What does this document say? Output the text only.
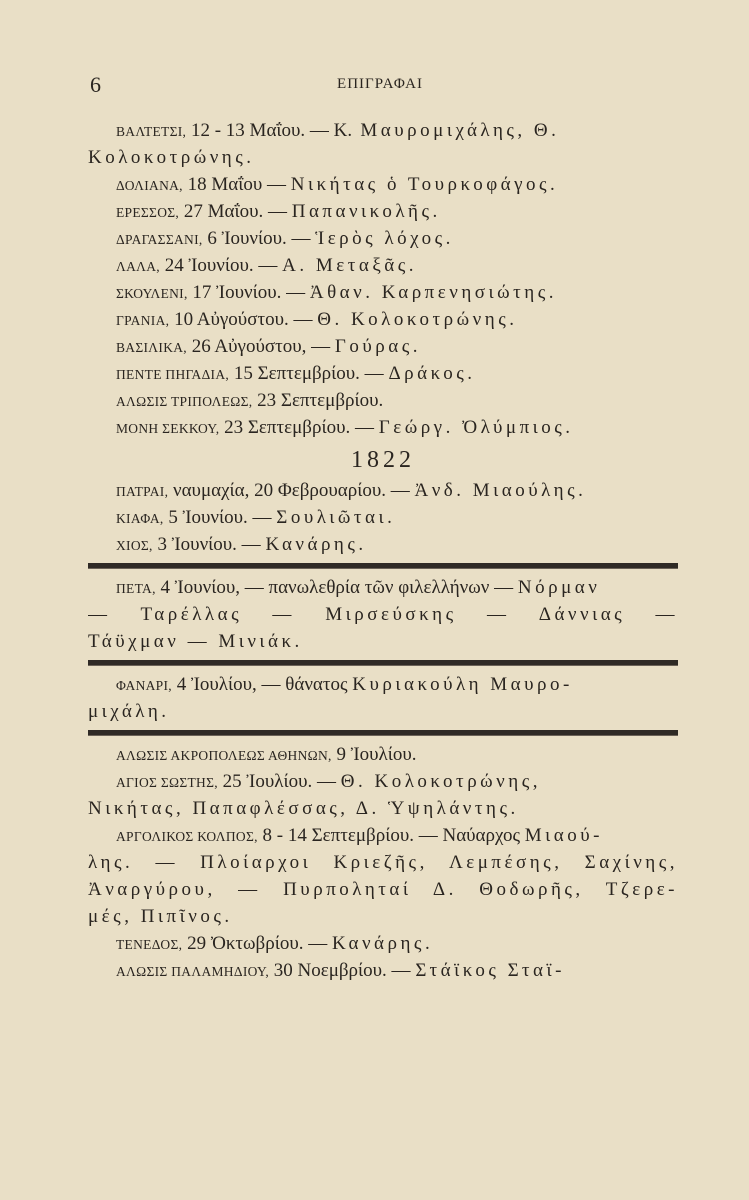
6	ΕΠΙΓΡΑΦΑΙ
ΒΑΛΤΕΤΣΙ, 12 - 13 Μαΐου. — Κ. Μαυρομιχάλης, Θ.
Κολοκοτρώνης.
ΔΟΛΙΑΝΑ, 18 Μαΐου — Νικήτας ὁ Τουρκοφάγος.
ΕΡΕΣΣΟΣ, 27 Μαΐου. — Παπανικολῆς.
ΔΡΑΓΑΣΣΑΝΙ, 6 Ἰουνίου. — Ἱερὸς λόχος.
ΛΑΛΑ, 24 Ἰουνίου. — Α. Μεταξᾶς.
ΣΚΟΥΛΕΝΙ, 17 Ἰουνίου. — Ἀθαν. Καρπενησιώτης.
ΓΡΑΝΙΑ, 10 Αὐγούστου. — Θ. Κολοκοτρώνης.
ΒΑΣΙΛΙΚΑ, 26 Αὐγούστου, — Γούρας.
ΠΕΝΤΕ ΠΗΓΑΔΙΑ, 15 Σεπτεμβρίου. — Δράκος.
ΑΛΩΣΙΣ ΤΡΙΠΟΛΕΩΣ, 23 Σεπτεμβρίου.
ΜΟΝΗ ΣΕΚΚΟΥ, 23 Σεπτεμβρίου. — Γεώργ. Ὀλύμπιος.
1822
ΠΑΤΡΑΙ, ναυμαχία, 20 Φεβρουαρίου. — Ἀνδ. Μιαούλης.
ΚΙΑΦΑ, 5 Ἰουνίου. — Σουλιῶται.
ΧΙΟΣ, 3 Ἰουνίου. — Κανάρης.
ΠΕΤΑ, 4 Ἰουνίου, — πανωλεθρία τῶν φιλελλήνων — Νόρμαν
— Ταρέλλας — Μιρσεύσκης — Δάννιας —
Τάϋχμαν — Μινιάκ.
ΦΑΝΑΡΙ, 4 Ἰουλίου, — θάνατος Κυριακούλη Μαυρο-
μιχάλη.
ΑΛΩΣΙΣ ΑΚΡΟΠΟΛΕΩΣ ΑΘΗΝΩΝ, 9 Ἰουλίου.
ΑΓΙΟΣ ΣΩΣΤΗΣ, 25 Ἰουλίου. — Θ. Κολοκοτρώνης,
Νικήτας, Παπαφλέσσας, Δ. Ὑψηλάντης.
ΑΡΓΟΛΙΚΟΣ ΚΟΛΠΟΣ, 8 - 14 Σεπτεμβρίου. — Ναύαρχος Μιαού-
λης. — Πλοίαρχοι Κριεζῆς, Λεμπέσης, Σαχίνης,
Ἀναργύρου, — Πυρποληταί Δ. Θοδωρῆς, Τζερε-
μές, Πιπῖνος.
ΤΕΝΕΔΟΣ, 29 Ὀκτωβρίου. — Κανάρης.
ΑΛΩΣΙΣ ΠΑΛΑΜΗΔΙΟΥ, 30 Νοεμβρίου. — Στάϊκος Σταϊ-
